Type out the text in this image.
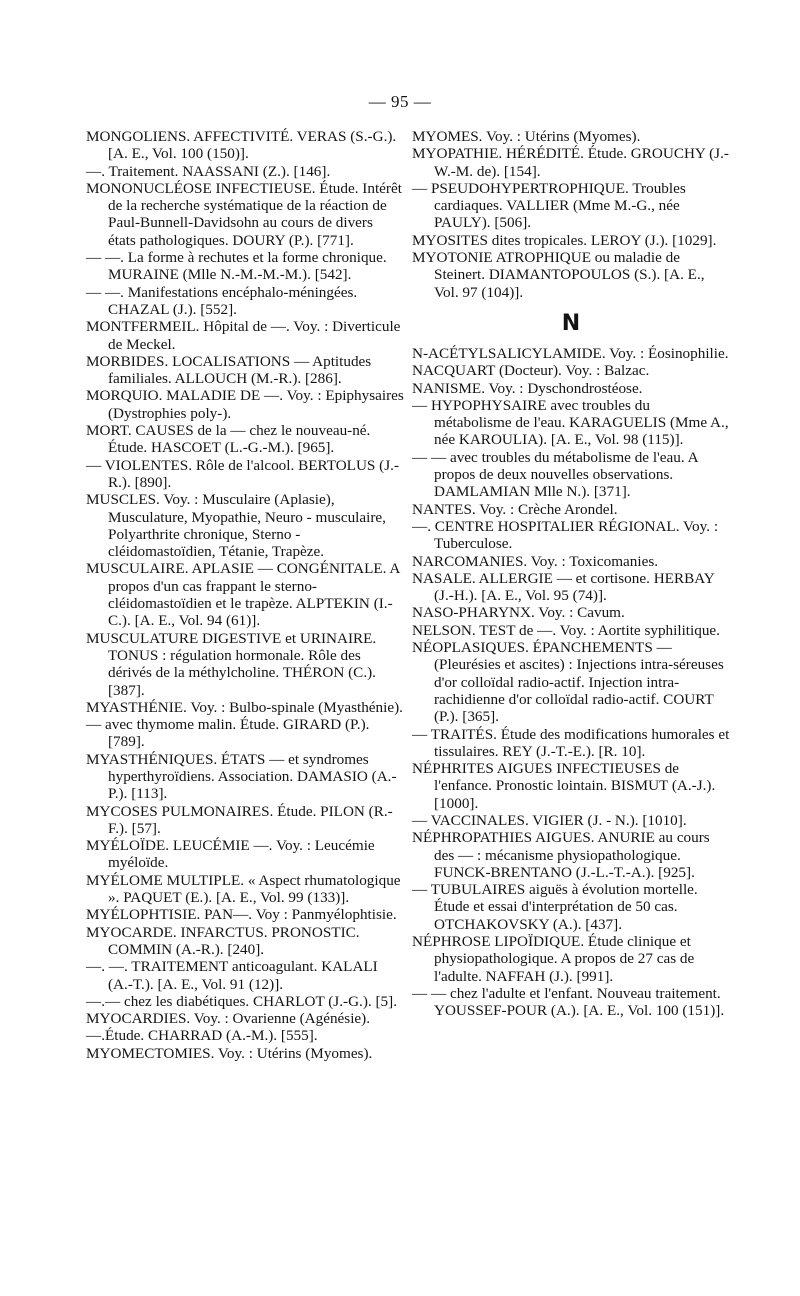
— 95 —

MONGOLIENS. AFFECTIVITÉ. VERAS (S.-G.). [A. E., Vol. 100 (150)].

—. Traitement. NAASSANI (Z.). [146].

MONONUCLÉOSE INFECTIEUSE. Étude. Intérêt de la recherche systématique de la réaction de Paul-Bunnell-Davidsohn au cours de divers états pathologiques. DOURY (P.). [771].

— —. La forme à rechutes et la forme chronique. MURAINE (Mlle N.-M.-M.-M.). [542].

— —. Manifestations encéphalo-méningées. CHAZAL (J.). [552].

MONTFERMEIL. Hôpital de —. Voy. : Diverticule de Meckel.

MORBIDES. LOCALISATIONS — Aptitudes familiales. ALLOUCH (M.-R.). [286].

MORQUIO. MALADIE DE —. Voy. : Epiphysaires (Dystrophies poly-).

MORT. CAUSES de la — chez le nouveau-né. Étude. HASCOET (L.-G.-M.). [965].

— VIOLENTES. Rôle de l'alcool. BERTOLUS (J.-R.). [890].

MUSCLES. Voy. : Musculaire (Aplasie), Musculature, Myopathie, Neuro - musculaire, Polyarthrite chronique, Sterno - cléidomastoïdien, Tétanie, Trapèze.

MUSCULAIRE. APLASIE — CONGÉNITALE. A propos d'un cas frappant le sterno-cléidomastoïdien et le trapèze. ALPTEKIN (I.-C.). [A. E., Vol. 94 (61)].

MUSCULATURE DIGESTIVE et URINAIRE. TONUS : régulation hormonale. Rôle des dérivés de la méthylcholine. THÉRON (C.). [387].

MYASTHÉNIE. Voy. : Bulbo-spinale (Myasthénie).

— avec thymome malin. Étude. GIRARD (P.). [789].

MYASTHÉNIQUES. ÉTATS — et syndromes hyperthyroïdiens. Association. DAMASIO (A.-P.). [113].

MYCOSES PULMONAIRES. Étude. PILON (R.-F.). [57].

MYÉLOÏDE. LEUCÉMIE —. Voy. : Leucémie myéloïde.

MYÉLOME MULTIPLE. « Aspect rhumatologique ». PAQUET (E.). [A. E., Vol. 99 (133)].

MYÉLOPHTISIE. PAN—. Voy : Panmyélophtisie.

MYOCARDE. INFARCTUS. PRONOSTIC. COMMIN (A.-R.). [240].

—. —. TRAITEMENT anticoagulant. KALALI (A.-T.). [A. E., Vol. 91 (12)].

—.— chez les diabétiques. CHARLOT (J.-G.). [5].

MYOCARDIES. Voy. : Ovarienne (Agénésie).

—.Étude. CHARRAD (A.-M.). [555].

MYOMECTOMIES. Voy. : Utérins (Myomes).

MYOMES. Voy. : Utérins (Myomes).

MYOPATHIE. HÉRÉDITÉ. Étude. GROUCHY (J.-W.-M. de). [154].

— PSEUDOHYPERTROPHIQUE. Troubles cardiaques. VALLIER (Mme M.-G., née PAULY). [506].

MYOSITES dites tropicales. LEROY (J.). [1029].

MYOTONIE ATROPHIQUE ou maladie de Steinert. DIAMANTOPOULOS (S.). [A. E., Vol. 97 (104)].

N

N-ACÉTYLSALICYLAMIDE. Voy. : Éosinophilie.

NACQUART (Docteur). Voy. : Balzac.

NANISME. Voy. : Dyschondrostéose.

— HYPOPHYSAIRE avec troubles du métabolisme de l'eau. KARAGUELIS (Mme A., née KAROULIA). [A. E., Vol. 98 (115)].

— — avec troubles du métabolisme de l'eau. A propos de deux nouvelles observations. DAMLAMIAN Mlle N.). [371].

NANTES. Voy. : Crèche Arondel.

—. CENTRE HOSPITALIER RÉGIONAL. Voy. : Tuberculose.

NARCOMANIES. Voy. : Toxicomanies.

NASALE. ALLERGIE — et cortisone. HERBAY (J.-H.). [A. E., Vol. 95 (74)].

NASO-PHARYNX. Voy. : Cavum.

NELSON. TEST de —. Voy. : Aortite syphilitique.

NÉOPLASIQUES. ÉPANCHEMENTS — (Pleurésies et ascites) : Injections intra-séreuses d'or colloïdal radio-actif. Injection intra-rachidienne d'or colloïdal radio-actif. COURT (P.). [365].

— TRAITÉS. Étude des modifications humorales et tissulaires. REY (J.-T.-E.). [R. 10].

NÉPHRITES AIGUES INFECTIEUSES de l'enfance. Pronostic lointain. BISMUT (A.-J.). [1000].

— VACCINALES. VIGIER (J. - N.). [1010].

NÉPHROPATHIES AIGUES. ANURIE au cours des — : mécanisme physiopathologique. FUNCK-BRENTANO (J.-L.-T.-A.). [925].

— TUBULAIRES aiguës à évolution mortelle. Étude et essai d'interprétation de 50 cas. OTCHAKOVSKY (A.). [437].

NÉPHROSE LIPOÏDIQUE. Étude clinique et physiopathologique. A propos de 27 cas de l'adulte. NAFFAH (J.). [991].

— — chez l'adulte et l'enfant. Nouveau traitement. YOUSSEF-POUR (A.). [A. E., Vol. 100 (151)].
